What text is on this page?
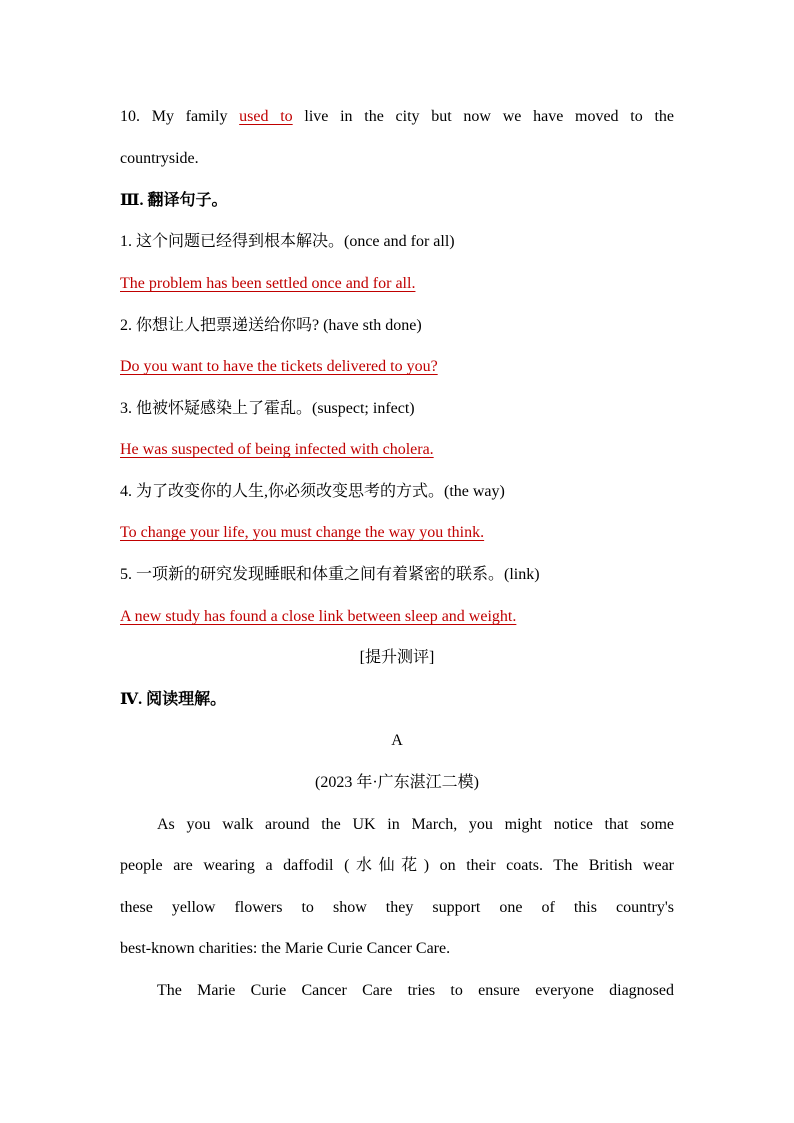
10. My family used to live in the city but now we have moved to the
countryside.
Ⅲ. 翻译句子。
1. 这个问题已经得到根本解决。(once and for all)
The problem has been settled once and for all.
2. 你想让人把票递送给你吗? (have sth done)
Do you want to have the tickets delivered to you?
3. 他被怀疑感染上了霍乱。(suspect; infect)
He was suspected of being infected with cholera.
4. 为了改变你的人生,你必须改变思考的方式。(the way)
To change your life, you must change the way you think.
5. 一项新的研究发现睡眠和体重之间有着紧密的联系。(link)
A new study has found a close link between sleep and weight.
[提升测评]
Ⅳ. 阅读理解。
A
(2023 年·广东湛江二模)
As you walk around the UK in March, you might notice that some
people are wearing a daffodil (水仙花) on their coats. The British wear
these yellow flowers to show they support one of this country's
best-known charities: the Marie Curie Cancer Care.
The Marie Curie Cancer Care tries to ensure everyone diagnosed
